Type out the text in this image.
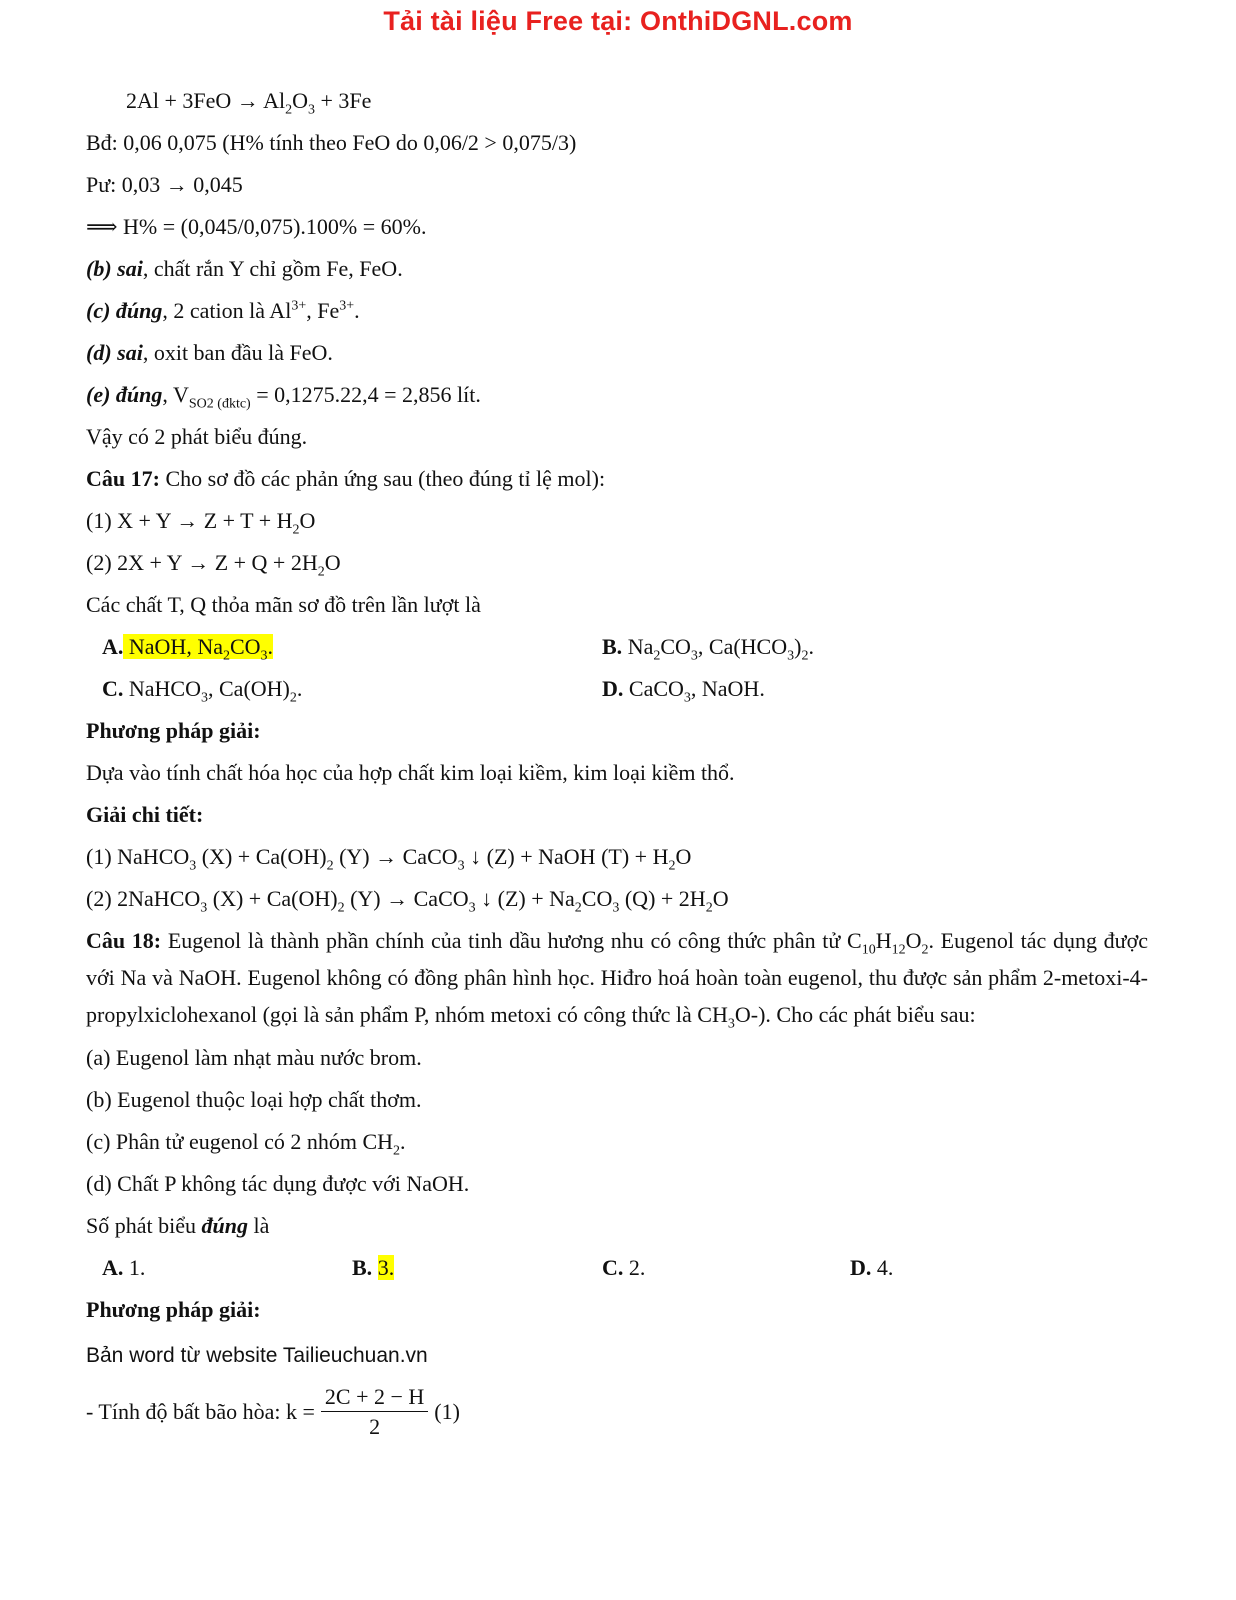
Tải tài liệu Free tại: OnthiDGNL.com
$2Al + 3FeO \to Al_2O_3 + 3Fe$
Bđ: 0,06 0,075 (H% tính theo FeO do 0,06/2 > 0,075/3)
Pư: 0,03 → 0,045
⟹ H% = (0,045/0,075).100% = 60%.
(b) sai, chất rắn Y chỉ gồm Fe, FeO.
(c) đúng, 2 cation là $Al^{3+}$, $Fe^{3+}$.
(d) sai, oxit ban đầu là FeO.
(e) đúng, $V_{SO2 (đktc)} = 0,1275.22,4 = 2,856$ lít.
Vậy có 2 phát biểu đúng.
Câu 17: Cho sơ đồ các phản ứng sau (theo đúng tỉ lệ mol):
(1) $X + Y \to Z + T + H_2O$
(2) $2X + Y \to Z + Q + 2H_2O$
Các chất T, Q thỏa mãn sơ đồ trên lần lượt là
A. NaOH, $Na_2CO_3$.	B. $Na_2CO_3$, $Ca(HCO_3)_2$.
C. NaHCO$_3$, $Ca(OH)_2$.	D. CaCO$_3$, NaOH.
Phương pháp giải:
Dựa vào tính chất hóa học của hợp chất kim loại kiềm, kim loại kiềm thổ.
Giải chi tiết:
(1) NaHCO$_3$ $(X) + Ca(OH)_2$ (Y) → CaCO$_3$ ↓ (Z) + NaOH $(T) + H_2O$
(2) 2NaHCO$_3$ $(X) + Ca(OH)_2$ (Y) → CaCO$_3$ ↓ $(Z) + Na_2CO_3$ $(Q) + 2H_2O$
Câu 18: Eugenol là thành phần chính của tinh dầu hương nhu có công thức phân tử $C_{10}H_{12}O_2$. Eugenol tác dụng được với Na và NaOH. Eugenol không có đồng phân hình học. Hiđro hoá hoàn toàn eugenol, thu được sản phẩm 2-metoxi-4-propylxiclohexanol (gọi là sản phẩm P, nhóm metoxi có công thức là $CH_3O-$). Cho các phát biểu sau:
(a) Eugenol làm nhạt màu nước brom.
(b) Eugenol thuộc loại hợp chất thơm.
(c) Phân tử eugenol có 2 nhóm $CH_2$.
(d) Chất P không tác dụng được với NaOH.
Số phát biểu đúng là
A. 1.	B. 3.	C. 2.	D. 4.
Phương pháp giải:
Bản word từ website Tailieuchuan.vn
- Tính độ bất bão hòa: $k = \frac{2C + 2 - H}{2} (1)$
